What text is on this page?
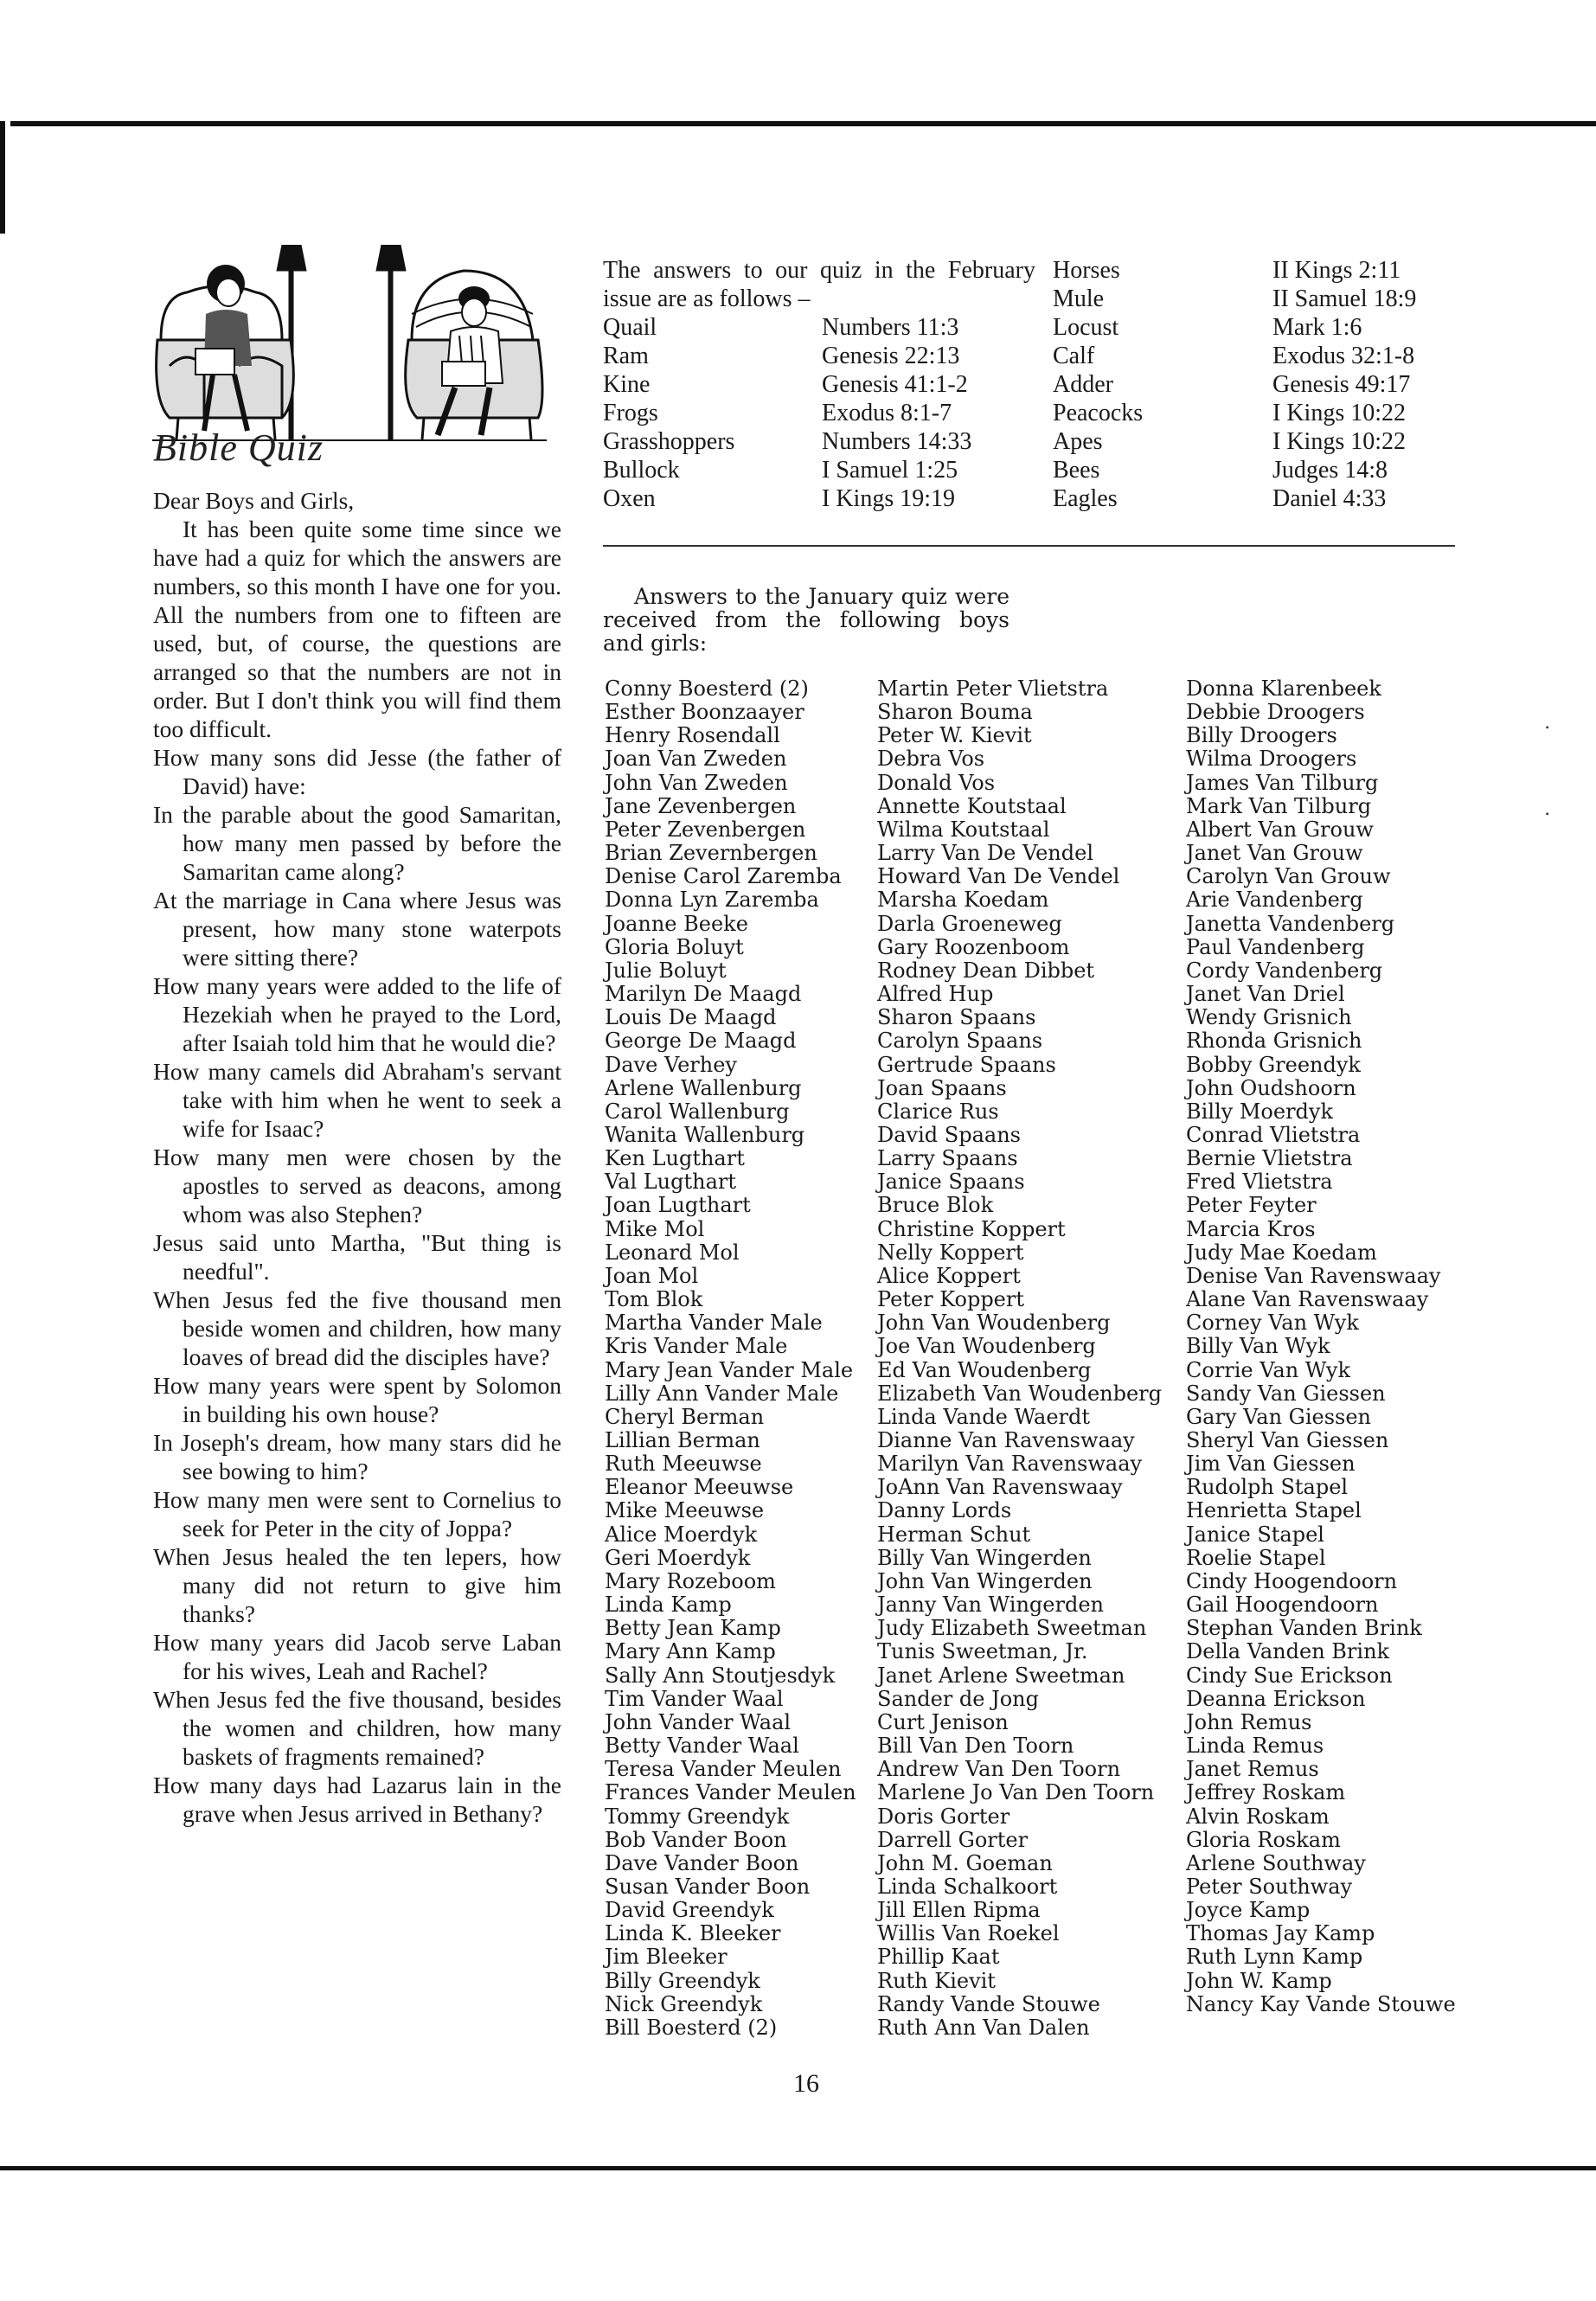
Bible Quiz

Dear Boys and Girls,

It has been quite some time since we have had a quiz for which the answers are numbers, so this month I have one for you. All the numbers from one to fifteen are used, but, of course, the questions are arranged so that the numbers are not in order. But I don't think you will find them too difficult.

How many sons did Jesse (the father of David) have:
In the parable about the good Samaritan, how many men passed by before the Samaritan came along?
At the marriage in Cana where Jesus was present, how many stone waterpots were sitting there?
How many years were added to the life of Hezekiah when he prayed to the Lord, after Isaiah told him that he would die?
How many camels did Abraham's servant take with him when he went to seek a wife for Isaac?
How many men were chosen by the apostles to served as deacons, among whom was also Stephen?
Jesus said unto Martha, "But thing is needful".
When Jesus fed the five thousand men beside women and children, how many loaves of bread did the disciples have?
How many years were spent by Solomon in building his own house?
In Joseph's dream, how many stars did he see bowing to him?
How many men were sent to Cornelius to seek for Peter in the city of Joppa?
When Jesus healed the ten lepers, how many did not return to give him thanks?
How many years did Jacob serve Laban for his wives, Leah and Rachel?
When Jesus fed the five thousand, besides the women and children, how many baskets of fragments remained?
How many days had Lazarus lain in the grave when Jesus arrived in Bethany?

The answers to our quiz in the February issue are as follows –

Quail
Ram
Kine
Frogs
Grasshoppers
Bullock
Oxen
Numbers 11:3
Genesis 22:13
Genesis 41:1-2
Exodus 8:1-7
Numbers 14:33
I Samuel 1:25
I Kings 19:19
Horses
Mule
Locust
Calf
Adder
Peacocks
Apes
Bees
Eagles
II Kings 2:11
II Samuel 18:9
Mark 1:6
Exodus 32:1-8
Genesis 49:17
I Kings 10:22
I Kings 10:22
Judges 14:8
Daniel 4:33

Answers to the January quiz were received from the following boys and girls:

Conny Boesterd (2)
Esther Boonzaayer
Henry Rosendall
Joan Van Zweden
John Van Zweden
Jane Zevenbergen
Peter Zevenbergen
Brian Zevernbergen
Denise Carol Zaremba
Donna Lyn Zaremba
Joanne Beeke
Gloria Boluyt
Julie Boluyt
Marilyn De Maagd
Louis De Maagd
George De Maagd
Dave Verhey
Arlene Wallenburg
Carol Wallenburg
Wanita Wallenburg
Ken Lugthart
Val Lugthart
Joan Lugthart
Mike Mol
Leonard Mol
Joan Mol
Tom Blok
Martha Vander Male
Kris Vander Male
Mary Jean Vander Male
Lilly Ann Vander Male
Cheryl Berman
Lillian Berman
Ruth Meeuwse
Eleanor Meeuwse
Mike Meeuwse
Alice Moerdyk
Geri Moerdyk
Mary Rozeboom
Linda Kamp
Betty Jean Kamp
Mary Ann Kamp
Sally Ann Stoutjesdyk
Tim Vander Waal
John Vander Waal
Betty Vander Waal
Teresa Vander Meulen
Frances Vander Meulen
Tommy Greendyk
Bob Vander Boon
Dave Vander Boon
Susan Vander Boon
David Greendyk
Linda K. Bleeker
Jim Bleeker
Billy Greendyk
Nick Greendyk
Bill Boesterd (2)
Martin Peter Vlietstra
Sharon Bouma
Peter W. Kievit
Debra Vos
Donald Vos
Annette Koutstaal
Wilma Koutstaal
Larry Van De Vendel
Howard Van De Vendel
Marsha Koedam
Darla Groeneweg
Gary Roozenboom
Rodney Dean Dibbet
Alfred Hup
Sharon Spaans
Carolyn Spaans
Gertrude Spaans
Joan Spaans
Clarice Rus
David Spaans
Larry Spaans
Janice Spaans
Bruce Blok
Christine Koppert
Nelly Koppert
Alice Koppert
Peter Koppert
John Van Woudenberg
Joe Van Woudenberg
Ed Van Woudenberg
Elizabeth Van Woudenberg
Linda Vande Waerdt
Dianne Van Ravenswaay
Marilyn Van Ravenswaay
JoAnn Van Ravenswaay
Danny Lords
Herman Schut
Billy Van Wingerden
John Van Wingerden
Janny Van Wingerden
Judy Elizabeth Sweetman
Tunis Sweetman, Jr.
Janet Arlene Sweetman
Sander de Jong
Curt Jenison
Bill Van Den Toorn
Andrew Van Den Toorn
Marlene Jo Van Den Toorn
Doris Gorter
Darrell Gorter
John M. Goeman
Linda Schalkoort
Jill Ellen Ripma
Willis Van Roekel
Phillip Kaat
Ruth Kievit
Randy Vande Stouwe
Ruth Ann Van Dalen
Donna Klarenbeek
Debbie Droogers
Billy Droogers
Wilma Droogers
James Van Tilburg
Mark Van Tilburg
Albert Van Grouw
Janet Van Grouw
Carolyn Van Grouw
Arie Vandenberg
Janetta Vandenberg
Paul Vandenberg
Cordy Vandenberg
Janet Van Driel
Wendy Grisnich
Rhonda Grisnich
Bobby Greendyk
John Oudshoorn
Billy Moerdyk
Conrad Vlietstra
Bernie Vlietstra
Fred Vlietstra
Peter Feyter
Marcia Kros
Judy Mae Koedam
Denise Van Ravenswaay
Alane Van Ravenswaay
Corney Van Wyk
Billy Van Wyk
Corrie Van Wyk
Sandy Van Giessen
Gary Van Giessen
Sheryl Van Giessen
Jim Van Giessen
Rudolph Stapel
Henrietta Stapel
Janice Stapel
Roelie Stapel
Cindy Hoogendoorn
Gail Hoogendoorn
Stephan Vanden Brink
Della Vanden Brink
Cindy Sue Erickson
Deanna Erickson
John Remus
Linda Remus
Janet Remus
Jeffrey Roskam
Alvin Roskam
Gloria Roskam
Arlene Southway
Peter Southway
Joyce Kamp
Thomas Jay Kamp
Ruth Lynn Kamp
John W. Kamp
Nancy Kay Vande Stouwe
16
․
․
